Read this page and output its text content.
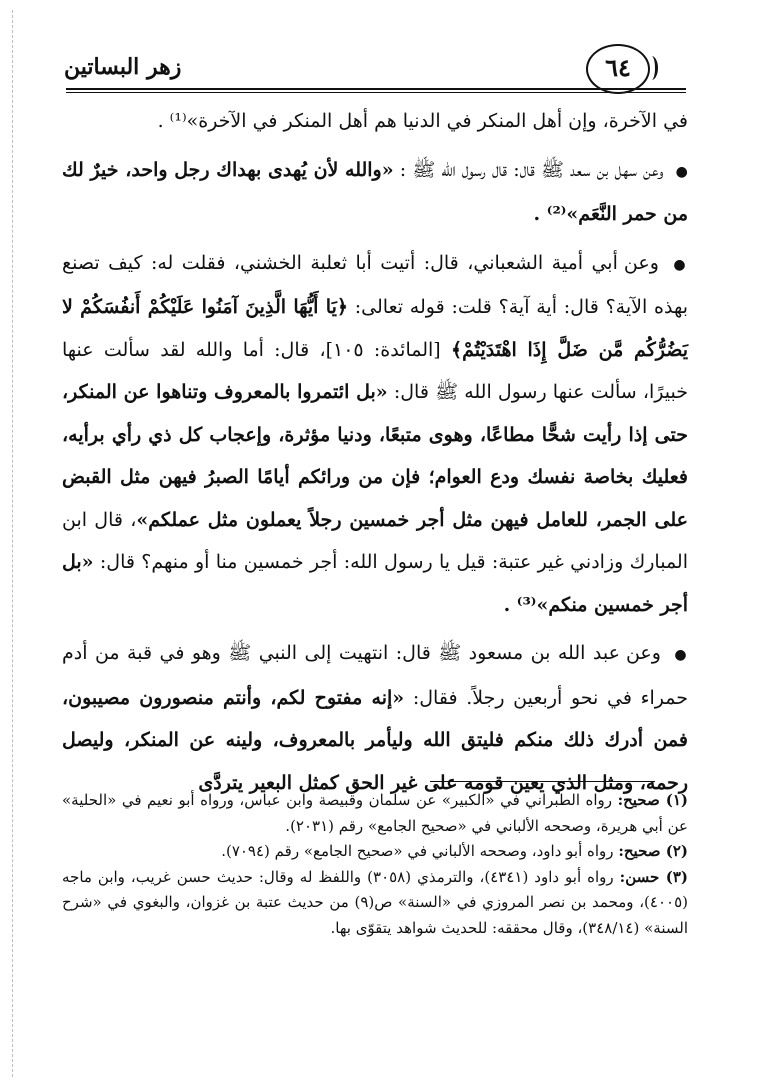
٦٤
زهر البساتين

في الآخرة، وإن أهل المنكر في الدنيا هم أهل المنكر في الآخرة»⁽¹⁾ .

● وعن سهل بن سعد ﷺ قال: قال رسول الله ﷺ : «والله لأن يُهدى بهداك رجل واحد، خيرٌ لك من حمر النَّعَم»⁽²⁾ .

● وعن أبي أمية الشعباني، قال: أتيت أبا ثعلبة الخشني، فقلت له: كيف تصنع بهذه الآية؟ قال: أية آية؟ قلت: قوله تعالى: ﴿يَا أَيُّهَا الَّذِينَ آمَنُوا عَلَيْكُمْ أَنفُسَكُمْ لا يَضُرُّكُم مَّن ضَلَّ إِذَا اهْتَدَيْتُمْ﴾ [المائدة: ١٠٥]، قال: أما والله لقد سألت عنها خبيرًا، سألت عنها رسول الله ﷺ قال: «بل ائتمروا بالمعروف وتناهوا عن المنكر، حتى إذا رأيت شحًّا مطاعًا، وهوى متبعًا، ودنيا مؤثرة، وإعجاب كل ذي رأي برأيه، فعليك بخاصة نفسك ودع العوام؛ فإن من ورائكم أيامًا الصبرُ فيهن مثل القبض على الجمر، للعامل فيهن مثل أجر خمسين رجلاً يعملون مثل عملكم»، قال ابن المبارك وزادني غير عتبة: قيل يا رسول الله: أجر خمسين منا أو منهم؟ قال: «بل أجر خمسين منكم»⁽³⁾ .

● وعن عبد الله بن مسعود ﷺ قال: انتهيت إلى النبي ﷺ وهو في قبة من أدم حمراء في نحو أربعين رجلاً. فقال: «إنه مفتوح لكم، وأنتم منصورون مصيبون، فمن أدرك ذلك منكم فليتق الله وليأمر بالمعروف، ولينه عن المنكر، وليصل رحمه، ومثل الذي يعين قومه على غير الحق كمثل البعير يتردَّى

(١) صحيح: رواه الطبراني في «الكبير» عن سلمان وقبيصة وابن عباس، ورواه أبو نعيم في «الحلية» عن أبي هريرة، وصححه الألباني في «صحيح الجامع» رقم (٢٠٣١).

(٢) صحيح: رواه أبو داود، وصححه الألباني في «صحيح الجامع» رقم (٧٠٩٤).

(٣) حسن: رواه أبو داود (٤٣٤١)، والترمذي (٣٠٥٨) واللفظ له وقال: حديث حسن غريب، وابن ماجه (٤٠٠٥)، ومحمد بن نصر المروزي في «السنة» ص(٩) من حديث عتبة بن غزوان، والبغوي في «شرح السنة» (٣٤٨/١٤)، وقال محققه: للحديث شواهد يتقوّى بها.
